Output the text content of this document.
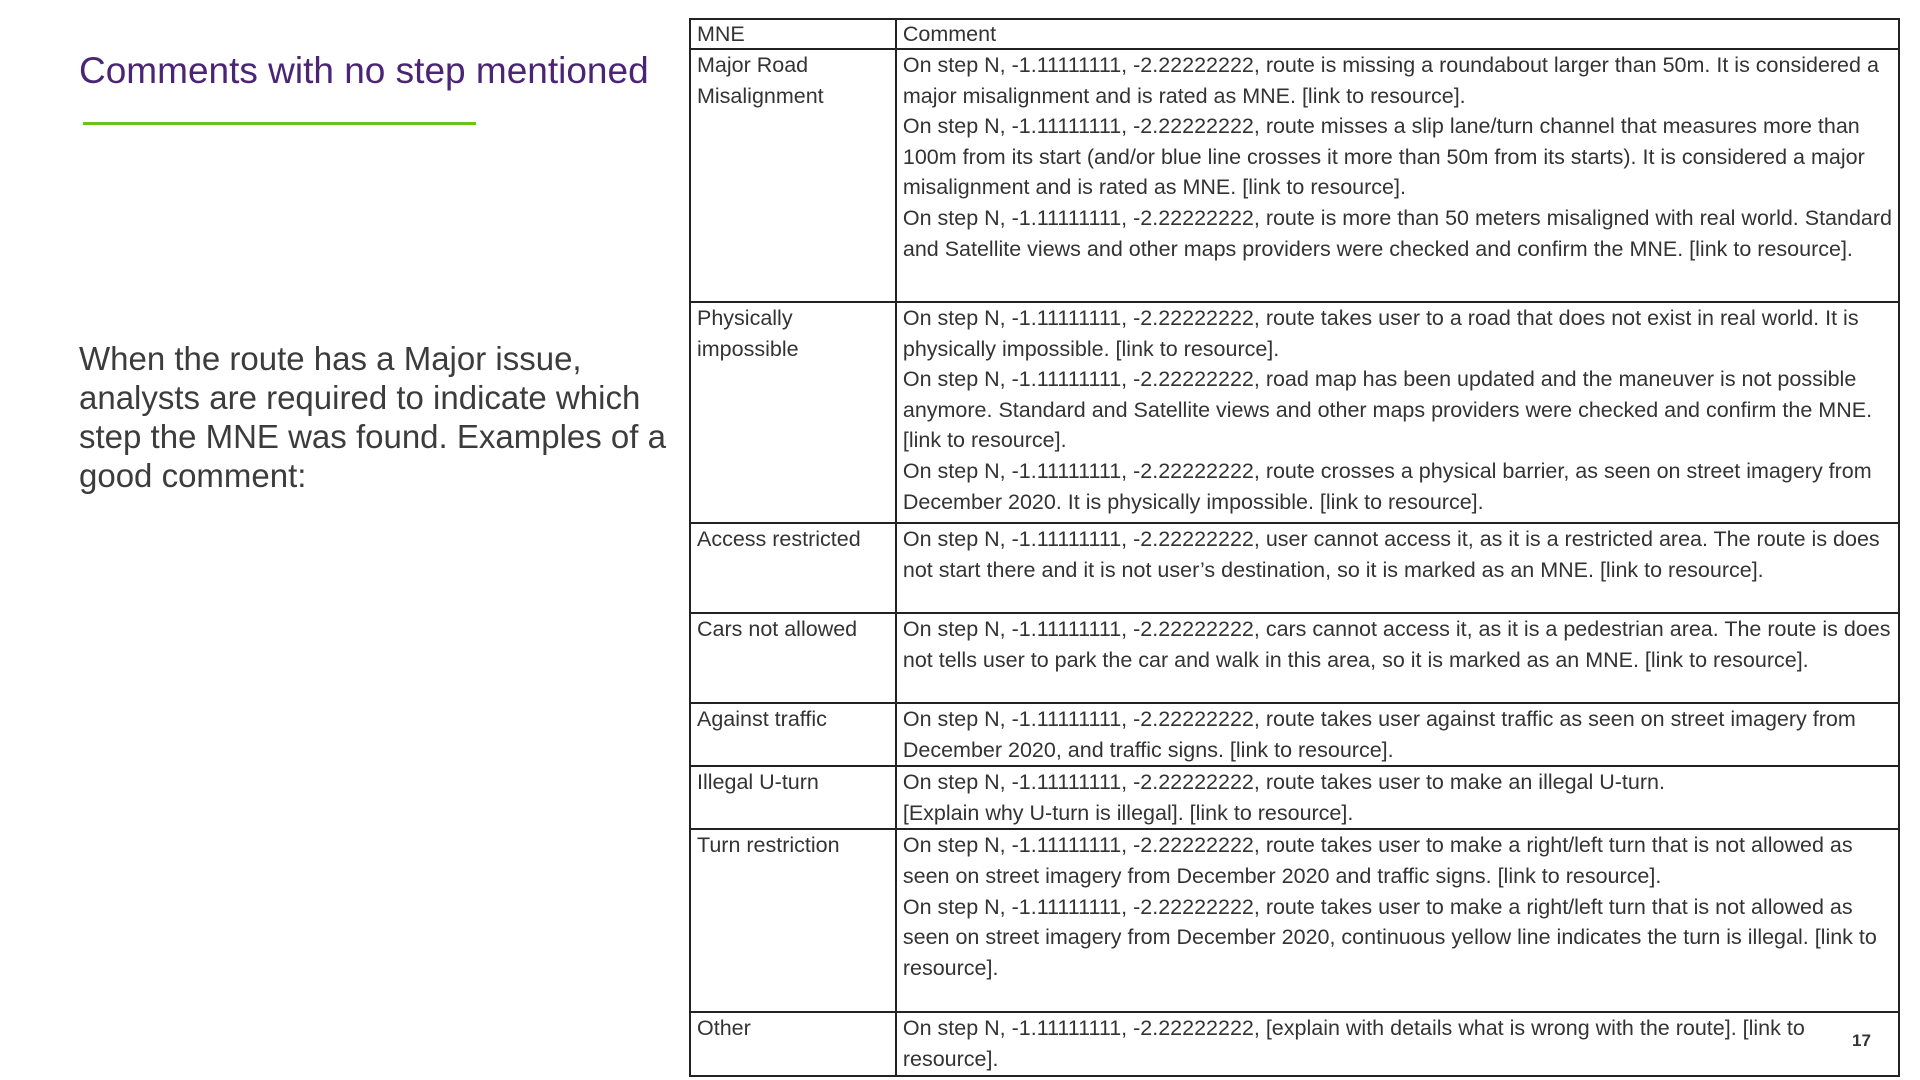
Comments with no step mentioned
When the route has a Major issue, analysts are required to indicate which step the MNE was found. Examples of a good comment:
MNE	Comment
Major Road Misalignment	On step N, -1.11111111, -2.22222222, route is missing a roundabout larger than 50m. It is considered a major misalignment and is rated as MNE. [link to resource].
On step N, -1.11111111, -2.22222222, route misses a slip lane/turn channel that measures more than 100m from its start (and/or blue line crosses it more than 50m from its starts). It is considered a major misalignment and is rated as MNE. [link to resource].
On step N, -1.11111111, -2.22222222, route is more than 50 meters misaligned with real world. Standard and Satellite views and other maps providers were checked and confirm the MNE. [link to resource].

Physically impossible	On step N, -1.11111111, -2.22222222, route takes user to a road that does not exist in real world. It is physically impossible. [link to resource].
On step N, -1.11111111, -2.22222222, road map has been updated and the maneuver is not possible anymore. Standard and Satellite views and other maps providers were checked and confirm the MNE. [link to resource].
On step N, -1.11111111, -2.22222222, route crosses a physical barrier, as seen on street imagery from December 2020. It is physically impossible. [link to resource].

Access restricted	On step N, -1.11111111, -2.22222222, user cannot access it, as it is a restricted area. The route is does not start there and it is not user’s destination, so it is marked as an MNE. [link to resource].

Cars not allowed	On step N, -1.11111111, -2.22222222, cars cannot access it, as it is a pedestrian area. The route is does not tells user to park the car and walk in this area, so it is marked as an MNE. [link to resource].

Against traffic	On step N, -1.11111111, -2.22222222, route takes user against traffic as seen on street imagery from December 2020, and traffic signs. [link to resource].

Illegal U-turn	On step N, -1.11111111, -2.22222222, route takes user to make an illegal U-turn.
[Explain why U-turn is illegal]. [link to resource].

Turn restriction	On step N, -1.11111111, -2.22222222, route takes user to make a right/left turn that is not allowed as seen on street imagery from December 2020 and traffic signs. [link to resource].
On step N, -1.11111111, -2.22222222, route takes user to make a right/left turn that is not allowed as seen on street imagery from December 2020, continuous yellow line indicates the turn is illegal. [link to resource].

Other	On step N, -1.11111111, -2.22222222, [explain with details what is wrong with the route]. [link to resource].
17
